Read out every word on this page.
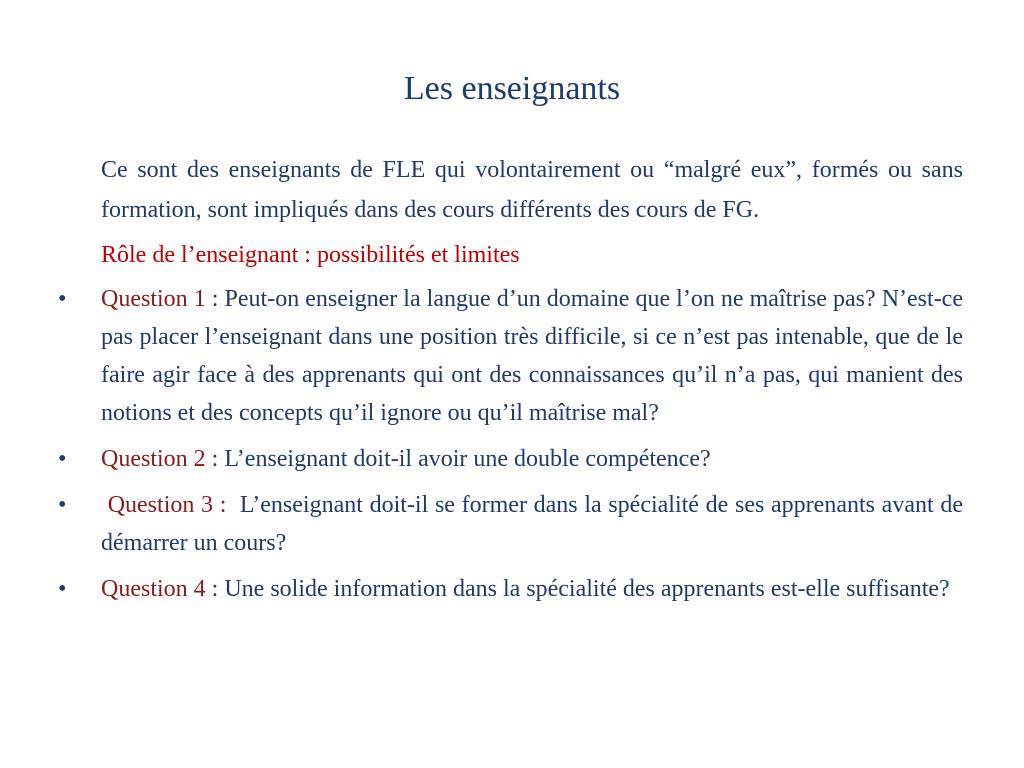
Les enseignants

Ce sont des enseignants de FLE qui volontairement ou “malgré eux”, formés ou sans formation, sont impliqués dans des cours différents des cours de FG.

Rôle de l’enseignant : possibilités et limites

•	Question 1 : Peut-on enseigner la langue d’un domaine que l’on ne maîtrise pas? N’est-ce pas placer l’enseignant dans une position très difficile, si ce n’est pas intenable, que de le faire agir face à des apprenants qui ont des connaissances qu’il n’a pas, qui manient des notions et des concepts qu’il ignore ou qu’il maîtrise mal?
•	Question 2 : L’enseignant doit-il avoir une double compétence?
•	Question 3 :  L’enseignant doit-il se former dans la spécialité de ses apprenants avant de démarrer un cours?
•	Question 4 : Une solide information dans la spécialité des apprenants est-elle suffisante?
